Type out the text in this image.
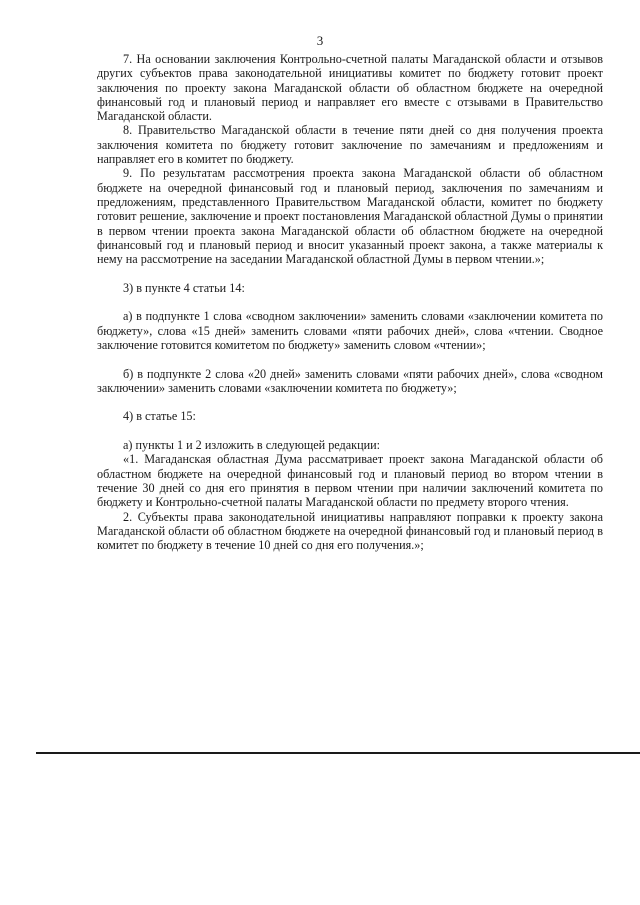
3

7. На основании заключения Контрольно-счетной палаты Магаданской области и отзывов других субъектов права законодательной инициативы комитет по бюджету готовит проект заключения по проекту закона Магаданской области об областном бюджете на очередной финансовый год и плановый период и направляет его вместе с отзывами в Правительство Магаданской области.

8. Правительство Магаданской области в течение пяти дней со дня получения проекта заключения комитета по бюджету готовит заключение по замечаниям и предложениям и направляет его в комитет по бюджету.

9. По результатам рассмотрения проекта закона Магаданской области об областном бюджете на очередной финансовый год и плановый период, заключения по замечаниям и предложениям, представленного Правительством Магаданской области, комитет по бюджету готовит решение, заключение и проект постановления Магаданской областной Думы о принятии в первом чтении проекта закона Магаданской области об областном бюджете на очередной финансовый год и плановый период и вносит указанный проект закона, а также материалы к нему на рассмотрение на заседании Магаданской областной Думы в первом чтении.»;

3) в пункте 4 статьи 14:

а) в подпункте 1 слова «сводном заключении» заменить словами «заключении комитета по бюджету», слова «15 дней» заменить словами «пяти рабочих дней», слова «чтении. Сводное заключение готовится комитетом по бюджету» заменить словом «чтении»;

б) в подпункте 2 слова «20 дней» заменить словами «пяти рабочих дней», слова «сводном заключении» заменить словами «заключении комитета по бюджету»;

4) в статье 15:

а) пункты 1 и 2 изложить в следующей редакции:

«1. Магаданская областная Дума рассматривает проект закона Магаданской области об областном бюджете на очередной финансовый год и плановый период во втором чтении в течение 30 дней со дня его принятия в первом чтении при наличии заключений комитета по бюджету и Контрольно-счетной палаты Магаданской области по предмету второго чтения.

2. Субъекты права законодательной инициативы направляют поправки к проекту закона Магаданской области об областном бюджете на очередной финансовый год и плановый период в комитет по бюджету в течение 10 дней со дня его получения.»;
